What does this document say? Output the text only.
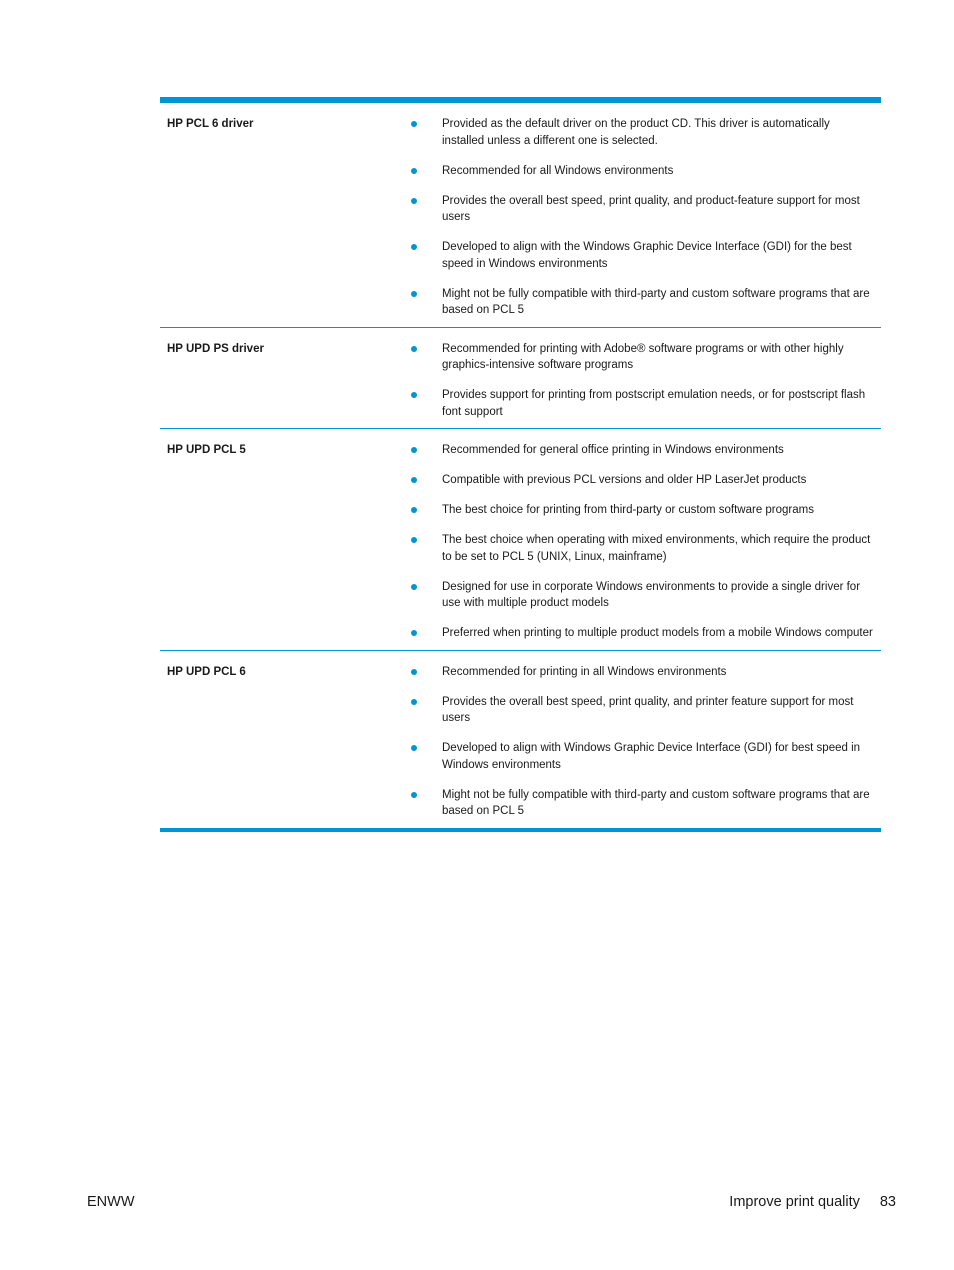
HP PCL 6 driver	Provided as the default driver on the product CD. This driver is automatically installed unless a different one is selected.
Recommended for all Windows environments
Provides the overall best speed, print quality, and product-feature support for most users
Developed to align with the Windows Graphic Device Interface (GDI) for the best speed in Windows environments
Might not be fully compatible with third-party and custom software programs that are based on PCL 5
HP UPD PS driver	Recommended for printing with Adobe® software programs or with other highly graphics-intensive software programs
Provides support for printing from postscript emulation needs, or for postscript flash font support
HP UPD PCL 5	Recommended for general office printing in Windows environments
Compatible with previous PCL versions and older HP LaserJet products
The best choice for printing from third-party or custom software programs
The best choice when operating with mixed environments, which require the product to be set to PCL 5 (UNIX, Linux, mainframe)
Designed for use in corporate Windows environments to provide a single driver for use with multiple product models
Preferred when printing to multiple product models from a mobile Windows computer
HP UPD PCL 6	Recommended for printing in all Windows environments
Provides the overall best speed, print quality, and printer feature support for most users
Developed to align with Windows Graphic Device Interface (GDI) for best speed in Windows environments
Might not be fully compatible with third-party and custom software programs that are based on PCL 5
ENWW	Improve print quality 83
